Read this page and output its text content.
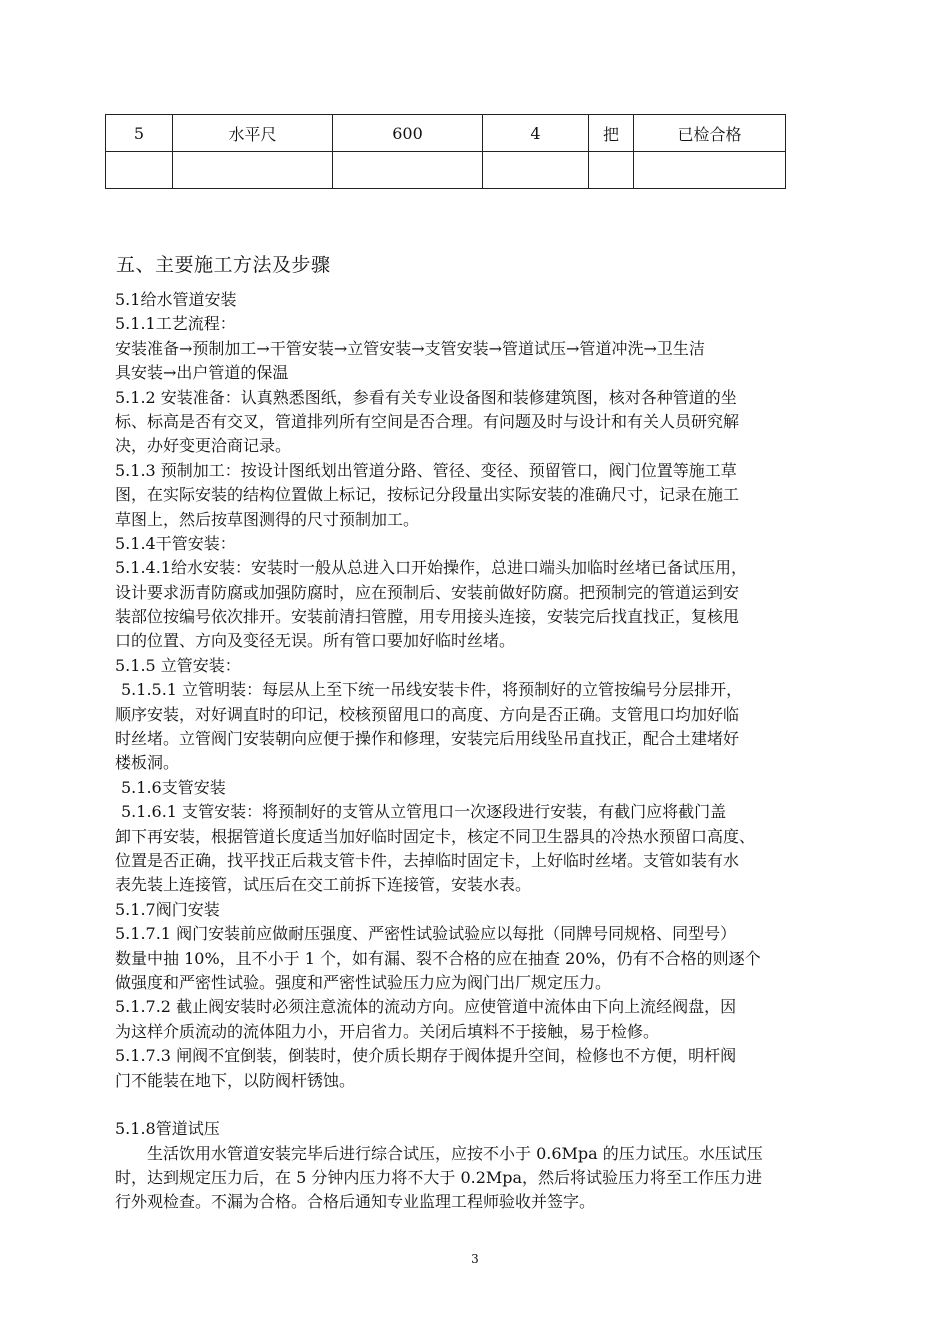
5	水平尺	600	4	把	已检合格

五、主要施工方法及步骤
5.1给水管道安装
5.1.1工艺流程：
安装准备→预制加工→干管安装→立管安装→支管安装→管道试压→管道冲洗→卫生洁
具安装→出户管道的保温
5.1.2 安装准备：认真熟悉图纸，参看有关专业设备图和装修建筑图，核对各种管道的坐
标、标高是否有交叉，管道排列所有空间是否合理。有问题及时与设计和有关人员研究解
决，办好变更洽商记录。
5.1.3 预制加工：按设计图纸划出管道分路、管径、变径、预留管口，阀门位置等施工草
图，在实际安装的结构位置做上标记，按标记分段量出实际安装的准确尺寸，记录在施工
草图上，然后按草图测得的尺寸预制加工。
5.1.4干管安装：
5.1.4.1给水安装：安装时一般从总进入口开始操作，总进口端头加临时丝堵已备试压用，
设计要求沥青防腐或加强防腐时，应在预制后、安装前做好防腐。把预制完的管道运到安
装部位按编号依次排开。安装前清扫管膛，用专用接头连接，安装完后找直找正，复核甩
口的位置、方向及变径无误。所有管口要加好临时丝堵。
5.1.5 立管安装：
5.1.5.1 立管明装：每层从上至下统一吊线安装卡件，将预制好的立管按编号分层排开，
顺序安装，对好调直时的印记，校核预留甩口的高度、方向是否正确。支管甩口均加好临
时丝堵。立管阀门安装朝向应便于操作和修理，安装完后用线坠吊直找正，配合土建堵好
楼板洞。
5.1.6支管安装
5.1.6.1 支管安装：将预制好的支管从立管甩口一次逐段进行安装，有截门应将截门盖
卸下再安装，根据管道长度适当加好临时固定卡，核定不同卫生器具的冷热水预留口高度、
位置是否正确，找平找正后栽支管卡件，去掉临时固定卡，上好临时丝堵。支管如装有水
表先装上连接管，试压后在交工前拆下连接管，安装水表。
5.1.7阀门安装
5.1.7.1 阀门安装前应做耐压强度、严密性试验试验应以每批（同牌号同规格、同型号）
数量中抽 10%，且不小于 1 个，如有漏、裂不合格的应在抽查 20%，仍有不合格的则逐个
做强度和严密性试验。强度和严密性试验压力应为阀门出厂规定压力。
5.1.7.2 截止阀安装时必须注意流体的流动方向。应使管道中流体由下向上流经阀盘，因
为这样介质流动的流体阻力小，开启省力。关闭后填料不于接触，易于检修。
5.1.7.3 闸阀不宜倒装，倒装时，使介质长期存于阀体提升空间，检修也不方便，明杆阀
门不能装在地下，以防阀杆锈蚀。
5.1.8管道试压
生活饮用水管道安装完毕后进行综合试压，应按不小于 0.6Mpa 的压力试压。水压试压
时，达到规定压力后，在 5 分钟内压力将不大于 0.2Mpa，然后将试验压力将至工作压力进
行外观检查。不漏为合格。合格后通知专业监理工程师验收并签字。
3
